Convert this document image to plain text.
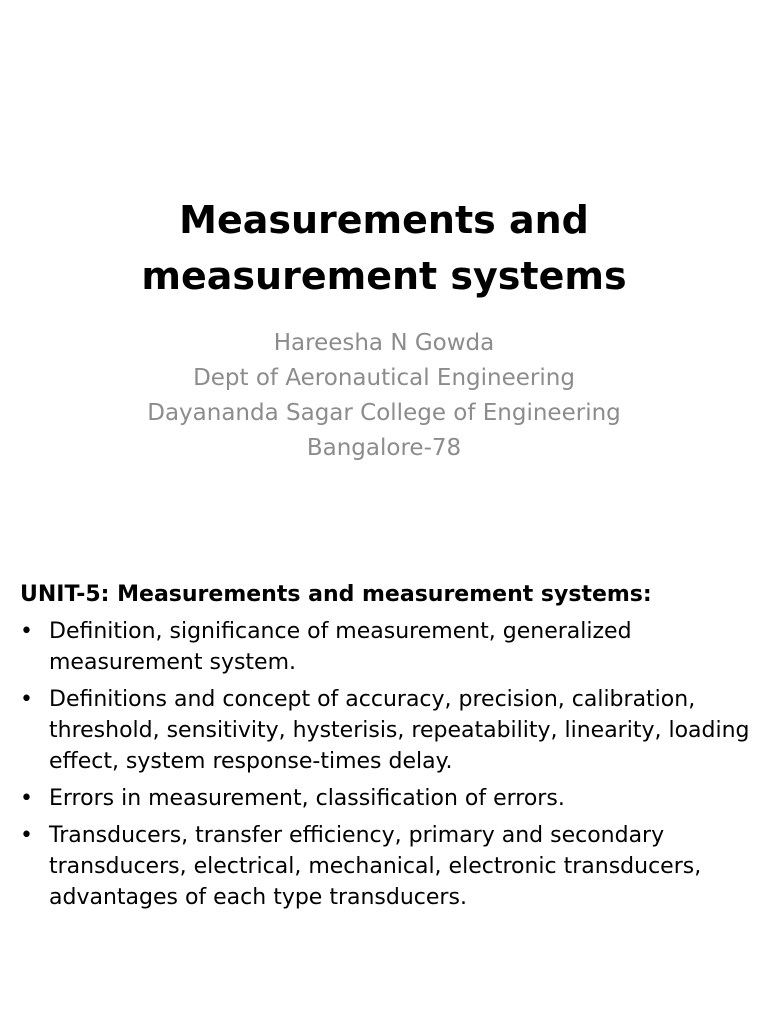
Measurements and
measurement systems
Hareesha N Gowda
Dept of Aeronautical Engineering
Dayananda Sagar College of Engineering
Bangalore-78
UNIT-5: Measurements and measurement systems:
• Definition, significance of measurement, generalized measurement system.
• Definitions and concept of accuracy, precision, calibration, threshold, sensitivity, hysterisis, repeatability, linearity, loading effect, system response-times delay.
• Errors in measurement, classification of errors.
• Transducers, transfer efficiency, primary and secondary transducers, electrical, mechanical, electronic transducers, advantages of each type transducers.
